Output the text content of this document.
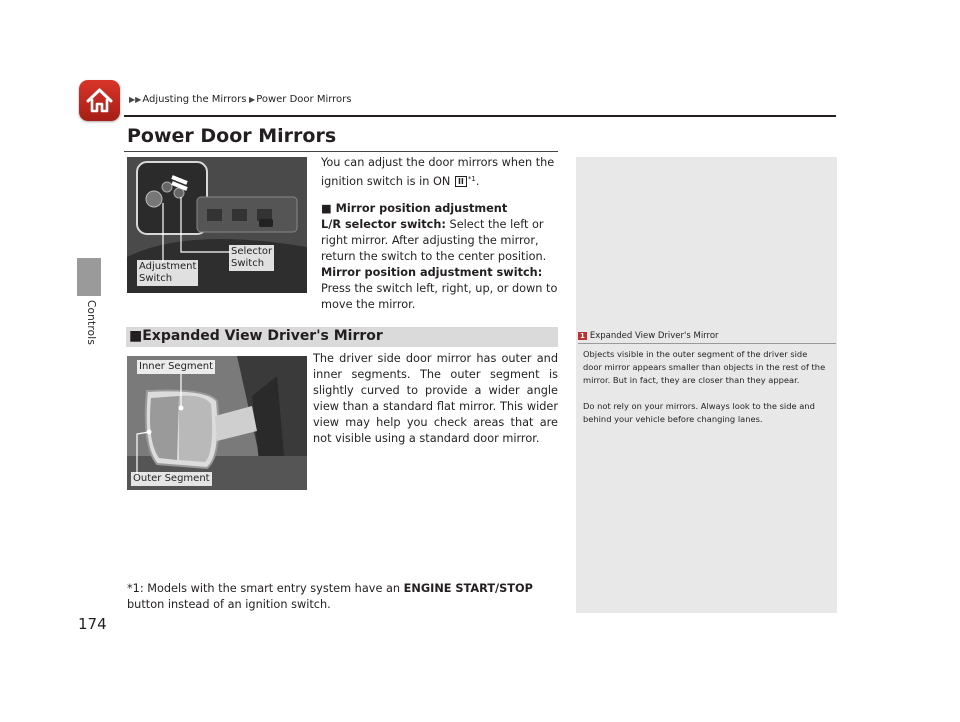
▶▶Adjusting the Mirrors ▶Power Door Mirrors
Controls
Power Door Mirrors
Selector
Switch
Adjustment
Switch
You can adjust the door mirrors when the ignition switch is in ON II $^{*1}$.
■ Mirror position adjustment
L/R selector switch: Select the left or right mirror. After adjusting the mirror, return the switch to the center position.
Mirror position adjustment switch: Press the switch left, right, up, or down to move the mirror.
■Expanded View Driver's Mirror
Inner Segment
Outer Segment
The driver side door mirror has outer and inner segments. The outer segment is slightly curved to provide a wider angle view than a standard flat mirror. This wider view may help you check areas that are not visible using a standard door mirror.
*1: Models with the smart entry system have an ENGINE START/STOP button instead of an ignition switch.
1 Expanded View Driver's Mirror

Objects visible in the outer segment of the driver side door mirror appears smaller than objects in the rest of the mirror. But in fact, they are closer than they appear.

Do not rely on your mirrors. Always look to the side and behind your vehicle before changing lanes.

174
